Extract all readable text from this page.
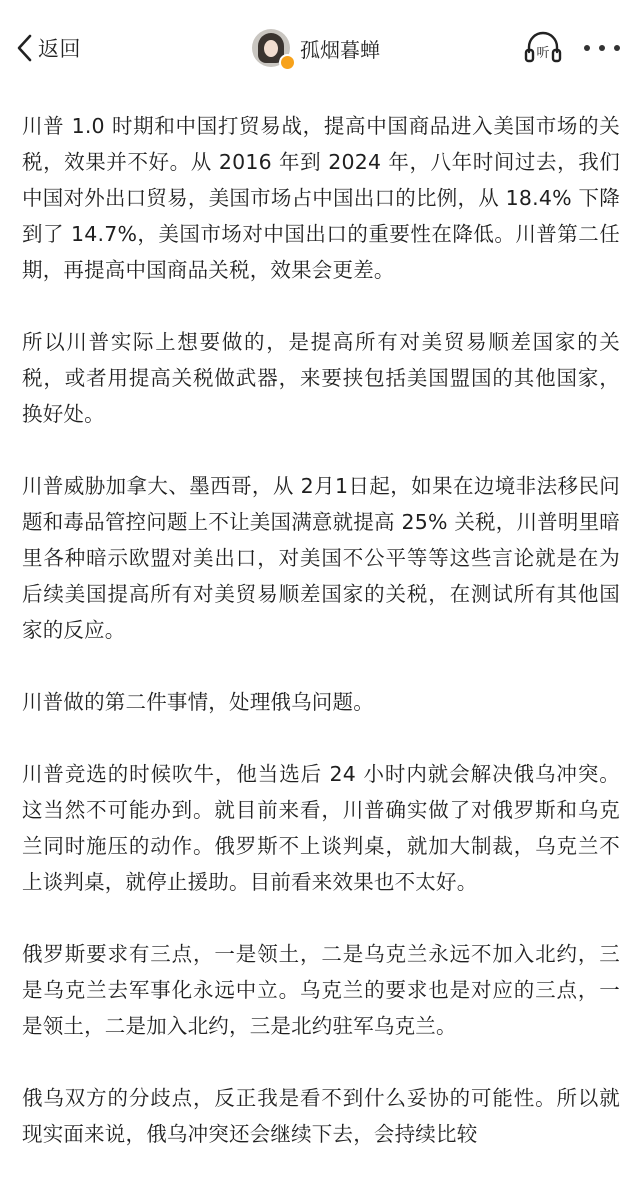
返回	孤烟暮蝉	听

川普 1.0 时期和中国打贸易战，提高中国商品进入美国市场的关税，效果并不好。从 2016 年到 2024 年，八年时间过去，我们中国对外出口贸易，美国市场占中国出口的比例，从 18.4% 下降到了 14.7%，美国市场对中国出口的重要性在降低。川普第二任期，再提高中国商品关税，效果会更差。

所以川普实际上想要做的，是提高所有对美贸易顺差国家的关税，或者用提高关税做武器，来要挟包括美国盟国的其他国家，换好处。

川普威胁加拿大、墨西哥，从 2月1日起，如果在边境非法移民问题和毒品管控问题上不让美国满意就提高 25% 关税，川普明里暗里各种暗示欧盟对美出口，对美国不公平等等这些言论就是在为后续美国提高所有对美贸易顺差国家的关税，在测试所有其他国家的反应。

川普做的第二件事情，处理俄乌问题。

川普竞选的时候吹牛，他当选后 24 小时内就会解决俄乌冲突。这当然不可能办到。就目前来看，川普确实做了对俄罗斯和乌克兰同时施压的动作。俄罗斯不上谈判桌，就加大制裁，乌克兰不上谈判桌，就停止援助。目前看来效果也不太好。

俄罗斯要求有三点，一是领土，二是乌克兰永远不加入北约，三是乌克兰去军事化永远中立。乌克兰的要求也是对应的三点，一是领土，二是加入北约，三是北约驻军乌克兰。

俄乌双方的分歧点，反正我是看不到什么妥协的可能性。所以就现实面来说，俄乌冲突还会继续下去，会持续比较
